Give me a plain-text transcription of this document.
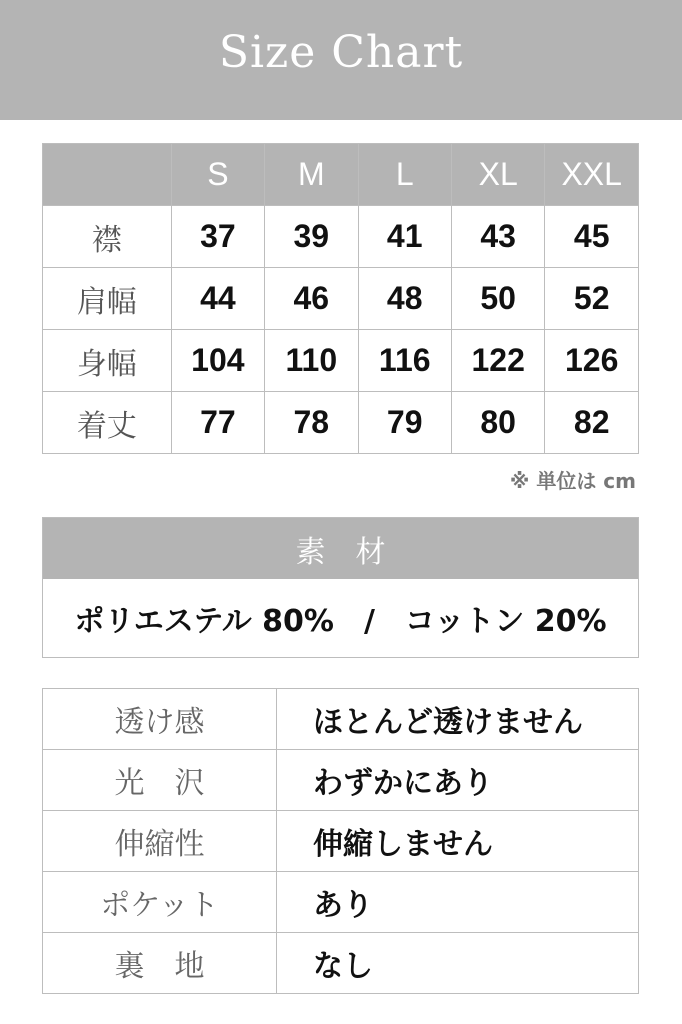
Size Chart
	S	M	L	XL	XXL
襟	37	39	41	43	45
肩幅	44	46	48	50	52
身幅	104	110	116	122	126
着丈	77	78	79	80	82
※ 単位は cm
素材
ポリエステル 80%　/　コットン 20%
透け感	ほとんど透けません
光　沢	わずかにあり
伸縮性	伸縮しません
ポケット	あり
裏　地	なし
